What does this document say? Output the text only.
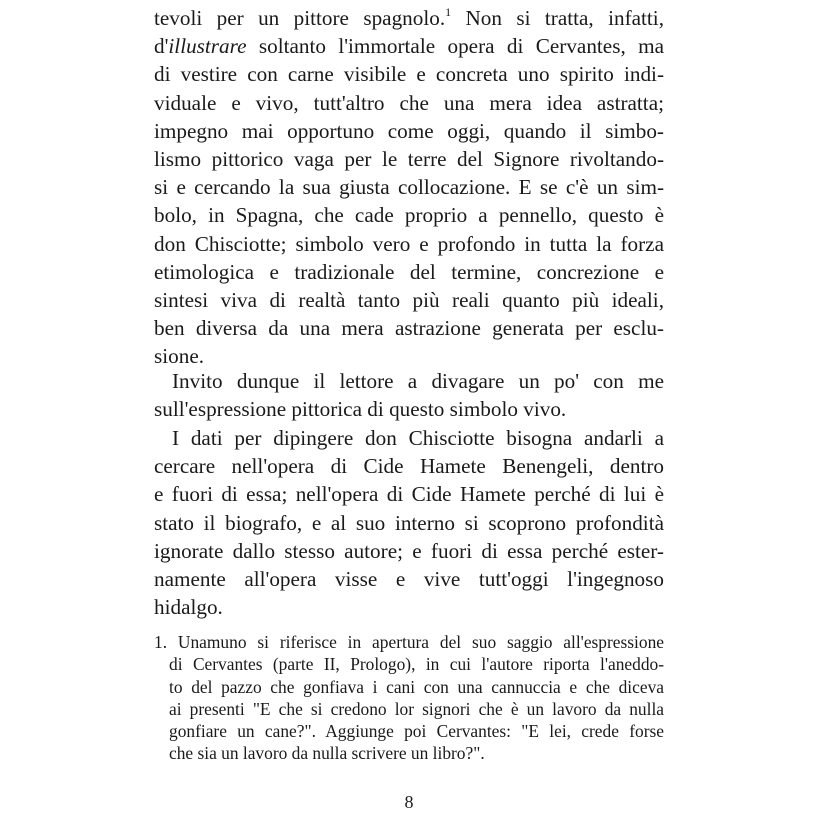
tevoli per un pittore spagnolo.$^1$ Non si tratta, infatti,
d'illustrare soltanto l'immortale opera di Cervantes, ma
di vestire con carne visibile e concreta uno spirito indi-
viduale e vivo, tutt'altro che una mera idea astratta;
impegno mai opportuno come oggi, quando il simbo-
lismo pittorico vaga per le terre del Signore rivoltando-
si e cercando la sua giusta collocazione. E se c'è un sim-
bolo, in Spagna, che cade proprio a pennello, questo è
don Chisciotte; simbolo vero e profondo in tutta la forza
etimologica e tradizionale del termine, concrezione e
sintesi viva di realtà tanto più reali quanto più ideali,
ben diversa da una mera astrazione generata per esclu-
sione.
Invito dunque il lettore a divagare un po' con me
sull'espressione pittorica di questo simbolo vivo.
I dati per dipingere don Chisciotte bisogna andarli a
cercare nell'opera di Cide Hamete Benengeli, dentro
e fuori di essa; nell'opera di Cide Hamete perché di lui è
stato il biografo, e al suo interno si scoprono profondità
ignorate dallo stesso autore; e fuori di essa perché ester-
namente all'opera visse e vive tutt'oggi l'ingegnoso
hidalgo.
1. Unamuno si riferisce in apertura del suo saggio all'espressione
di Cervantes (parte II, Prologo), in cui l'autore riporta l'aneddo-
to del pazzo che gonfiava i cani con una cannuccia e che diceva
ai presenti "E che si credono lor signori che è un lavoro da nulla
gonfiare un cane?". Aggiunge poi Cervantes: "E lei, crede forse
che sia un lavoro da nulla scrivere un libro?".
8
